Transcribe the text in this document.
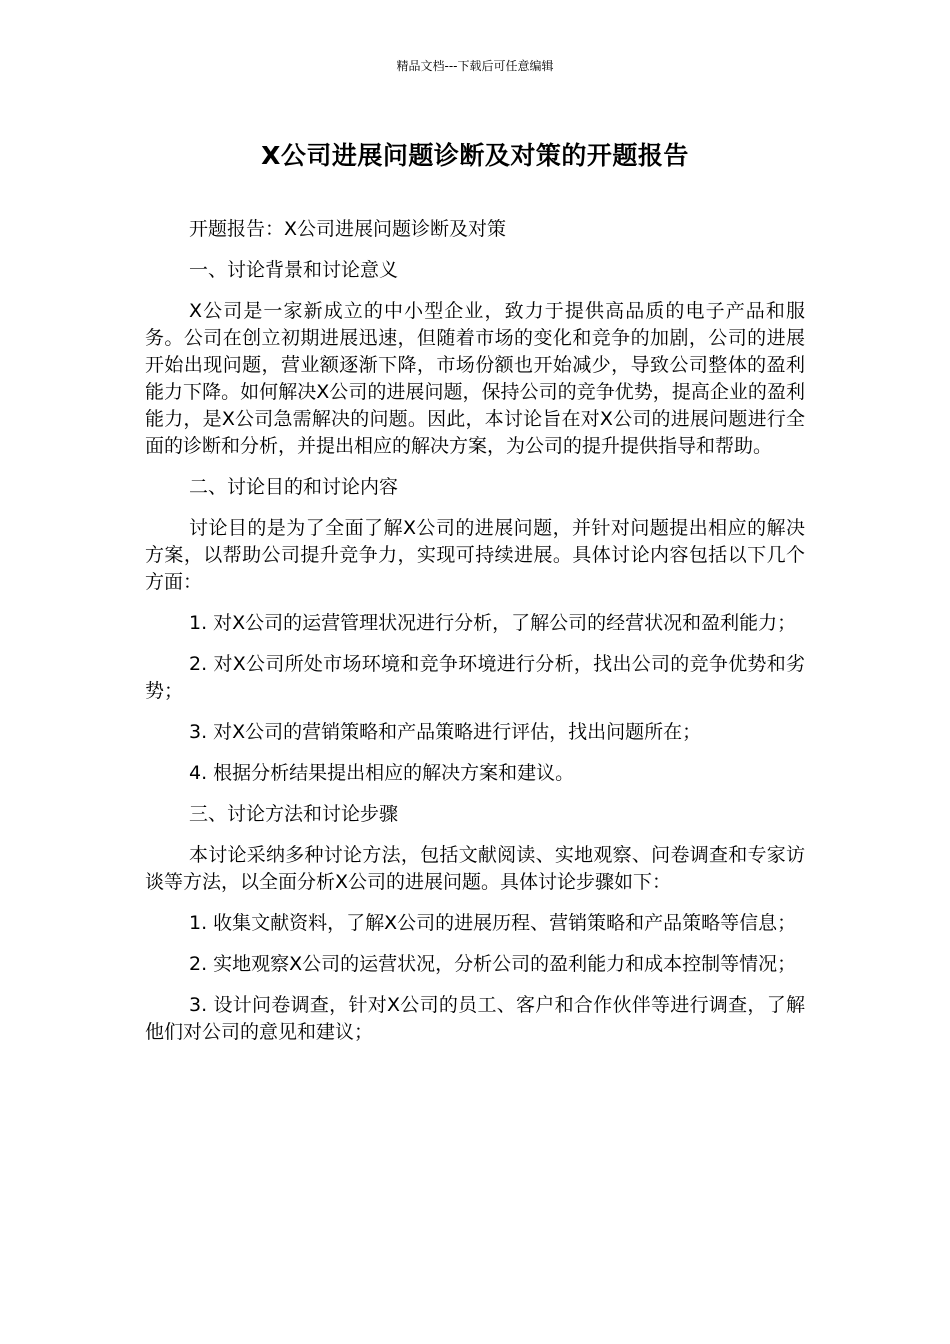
精品文档---下载后可任意编辑
X公司进展问题诊断及对策的开题报告

开题报告：X公司进展问题诊断及对策

一、讨论背景和讨论意义

X公司是一家新成立的中小型企业，致力于提供高品质的电子产品和服务。公司在创立初期进展迅速，但随着市场的变化和竞争的加剧，公司的进展开始出现问题，营业额逐渐下降，市场份额也开始减少，导致公司整体的盈利能力下降。如何解决X公司的进展问题，保持公司的竞争优势，提高企业的盈利能力，是X公司急需解决的问题。因此，本讨论旨在对X公司的进展问题进行全面的诊断和分析，并提出相应的解决方案，为公司的提升提供指导和帮助。

二、讨论目的和讨论内容

讨论目的是为了全面了解X公司的进展问题，并针对问题提出相应的解决方案，以帮助公司提升竞争力，实现可持续进展。具体讨论内容包括以下几个方面：

1. 对X公司的运营管理状况进行分析，了解公司的经营状况和盈利能力；

2. 对X公司所处市场环境和竞争环境进行分析，找出公司的竞争优势和劣势；

3. 对X公司的营销策略和产品策略进行评估，找出问题所在；

4. 根据分析结果提出相应的解决方案和建议。

三、讨论方法和讨论步骤

本讨论采纳多种讨论方法，包括文献阅读、实地观察、问卷调查和专家访谈等方法，以全面分析X公司的进展问题。具体讨论步骤如下：

1. 收集文献资料，了解X公司的进展历程、营销策略和产品策略等信息；

2. 实地观察X公司的运营状况，分析公司的盈利能力和成本控制等情况；

3. 设计问卷调查，针对X公司的员工、客户和合作伙伴等进行调查，了解他们对公司的意见和建议；
